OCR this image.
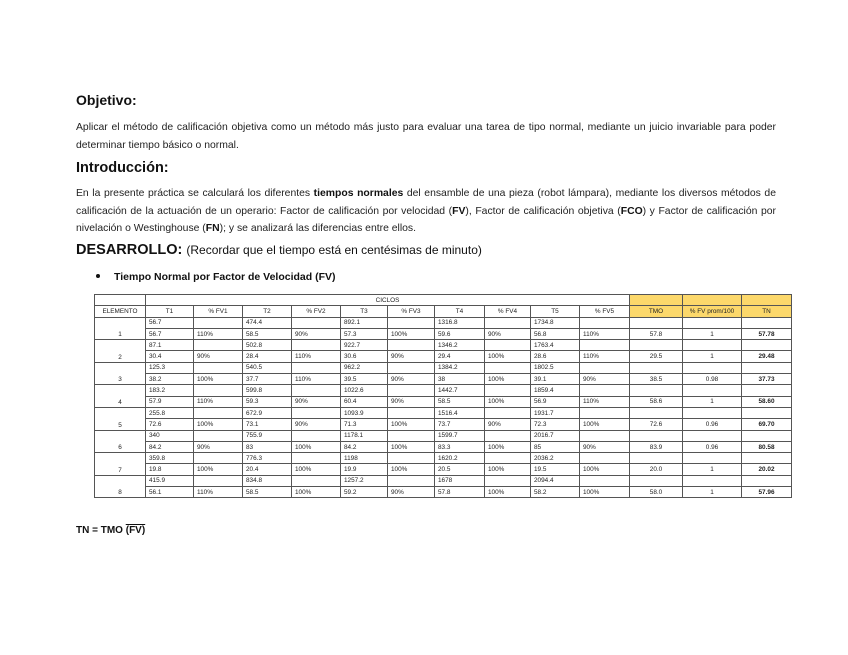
Objetivo:

Aplicar el método de calificación objetiva como un método más justo para evaluar una tarea de tipo normal, mediante un juicio invariable para poder determinar tiempo básico o normal.

Introducción:

En la presente práctica se calculará los diferentes tiempos normales del ensamble de una pieza (robot lámpara), mediante los diversos métodos de calificación de la actuación de un operario: Factor de calificación por velocidad (FV), Factor de calificación objetiva (FCO) y Factor de calificación por nivelación o Westinghouse (FN); y se analizará las diferencias entre ellos.

DESARROLLO: (Recordar que el tiempo está en centésimas de minuto)
Tiempo Normal por Factor de Velocidad (FV)
	CICLOS												
ELEMENTO	T1	% FV1	T2	% FV2	T3	% FV3	T4	% FV4	T5	% FV5	TMO	% FV prom/100	TN
1	56.7		474.4		892.1		1316.8		1734.8				
	56.7	110%	58.5	90%	57.3	100%	59.6	90%	56.8	110%	57.8	1	57.78
2	87.1		502.8		922.7		1346.2		1763.4				
	30.4	90%	28.4	110%	30.6	90%	29.4	100%	28.6	110%	29.5	1	29.48
3	125.3		540.5		962.2		1384.2		1802.5				
	38.2	100%	37.7	110%	39.5	90%	38	100%	39.1	90%	38.5	0.98	37.73
4	183.2		599.8		1022.6		1442.7		1859.4				
	57.9	110%	59.3	90%	60.4	90%	58.5	100%	56.9	110%	58.6	1	58.60
5	255.8		672.9		1093.9		1516.4		1931.7				
	72.6	100%	73.1	90%	71.3	100%	73.7	90%	72.3	100%	72.6	0.96	69.70
6	340		755.9		1178.1		1599.7		2016.7				
	84.2	90%	83	100%	84.2	100%	83.3	100%	85	90%	83.9	0.96	80.58
7	359.8		776.3		1198		1620.2		2036.2				
	19.8	100%	20.4	100%	19.9	100%	20.5	100%	19.5	100%	20.0	1	20.02
8	415.9		834.8		1257.2		1678		2094.4				
	56.1	110%	58.5	100%	59.2	90%	57.8	100%	58.2	100%	58.0	1	57.96
TN = TMO (FV)
